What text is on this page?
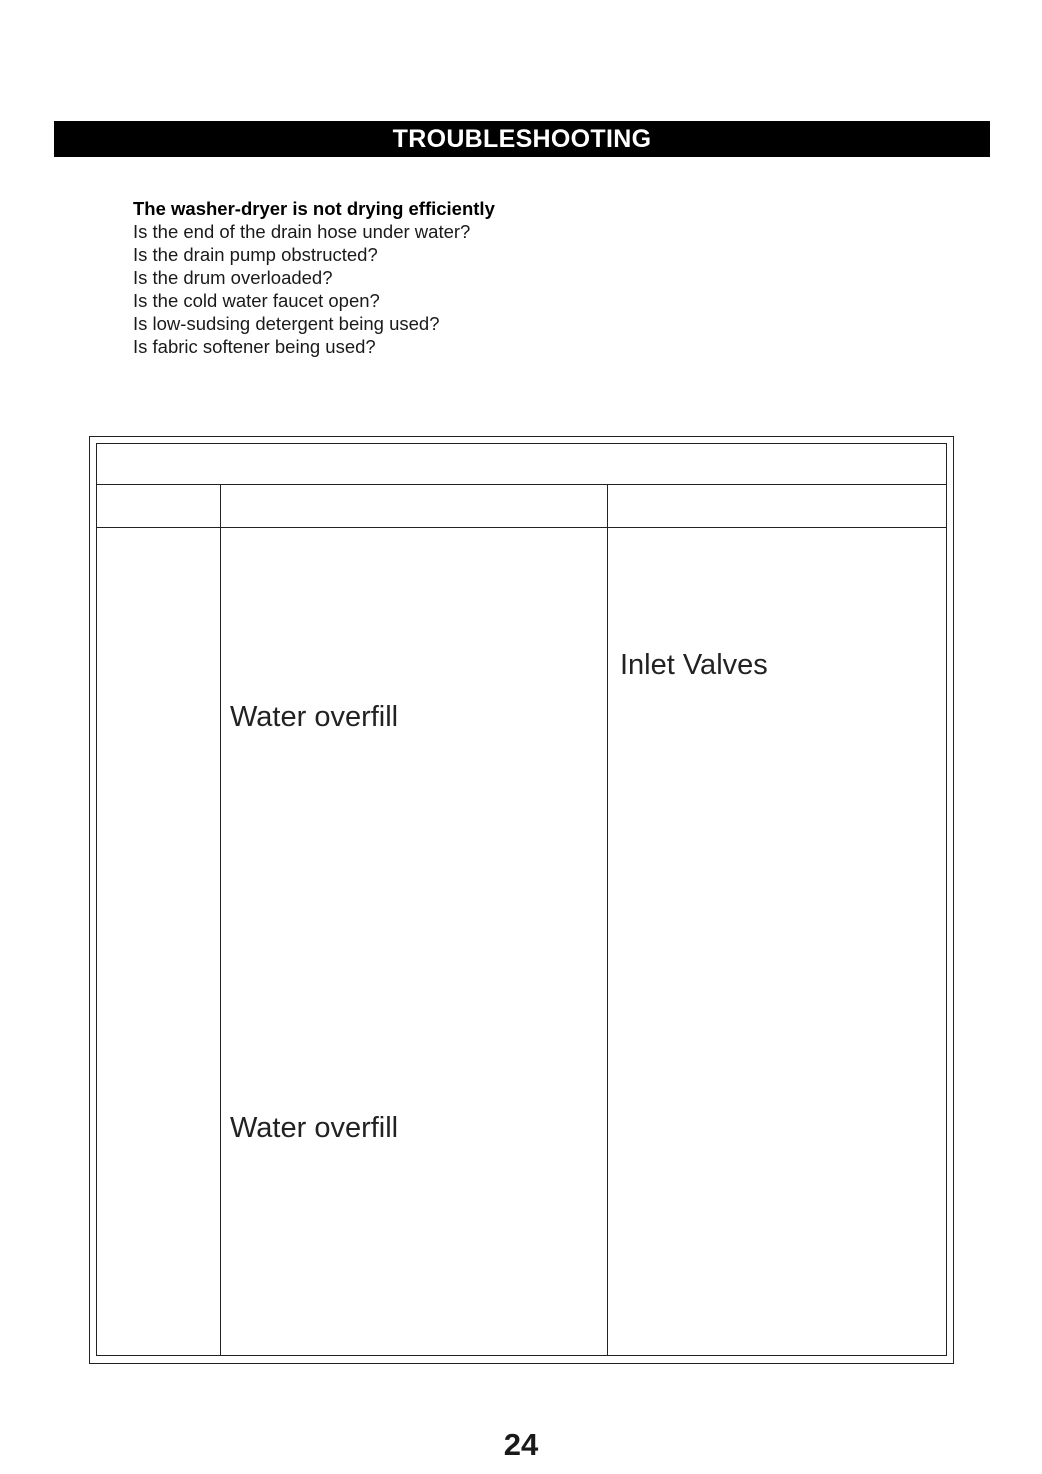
TROUBLESHOOTING
The washer-dryer is not drying efficiently
Is the end of the drain hose under water?
Is the drain pump obstructed?
Is the drum overloaded?
Is the cold water faucet open?
Is low-sudsing detergent being used?
Is fabric softener being used?
Water overfill
Water overfill
Inlet Valves
24
